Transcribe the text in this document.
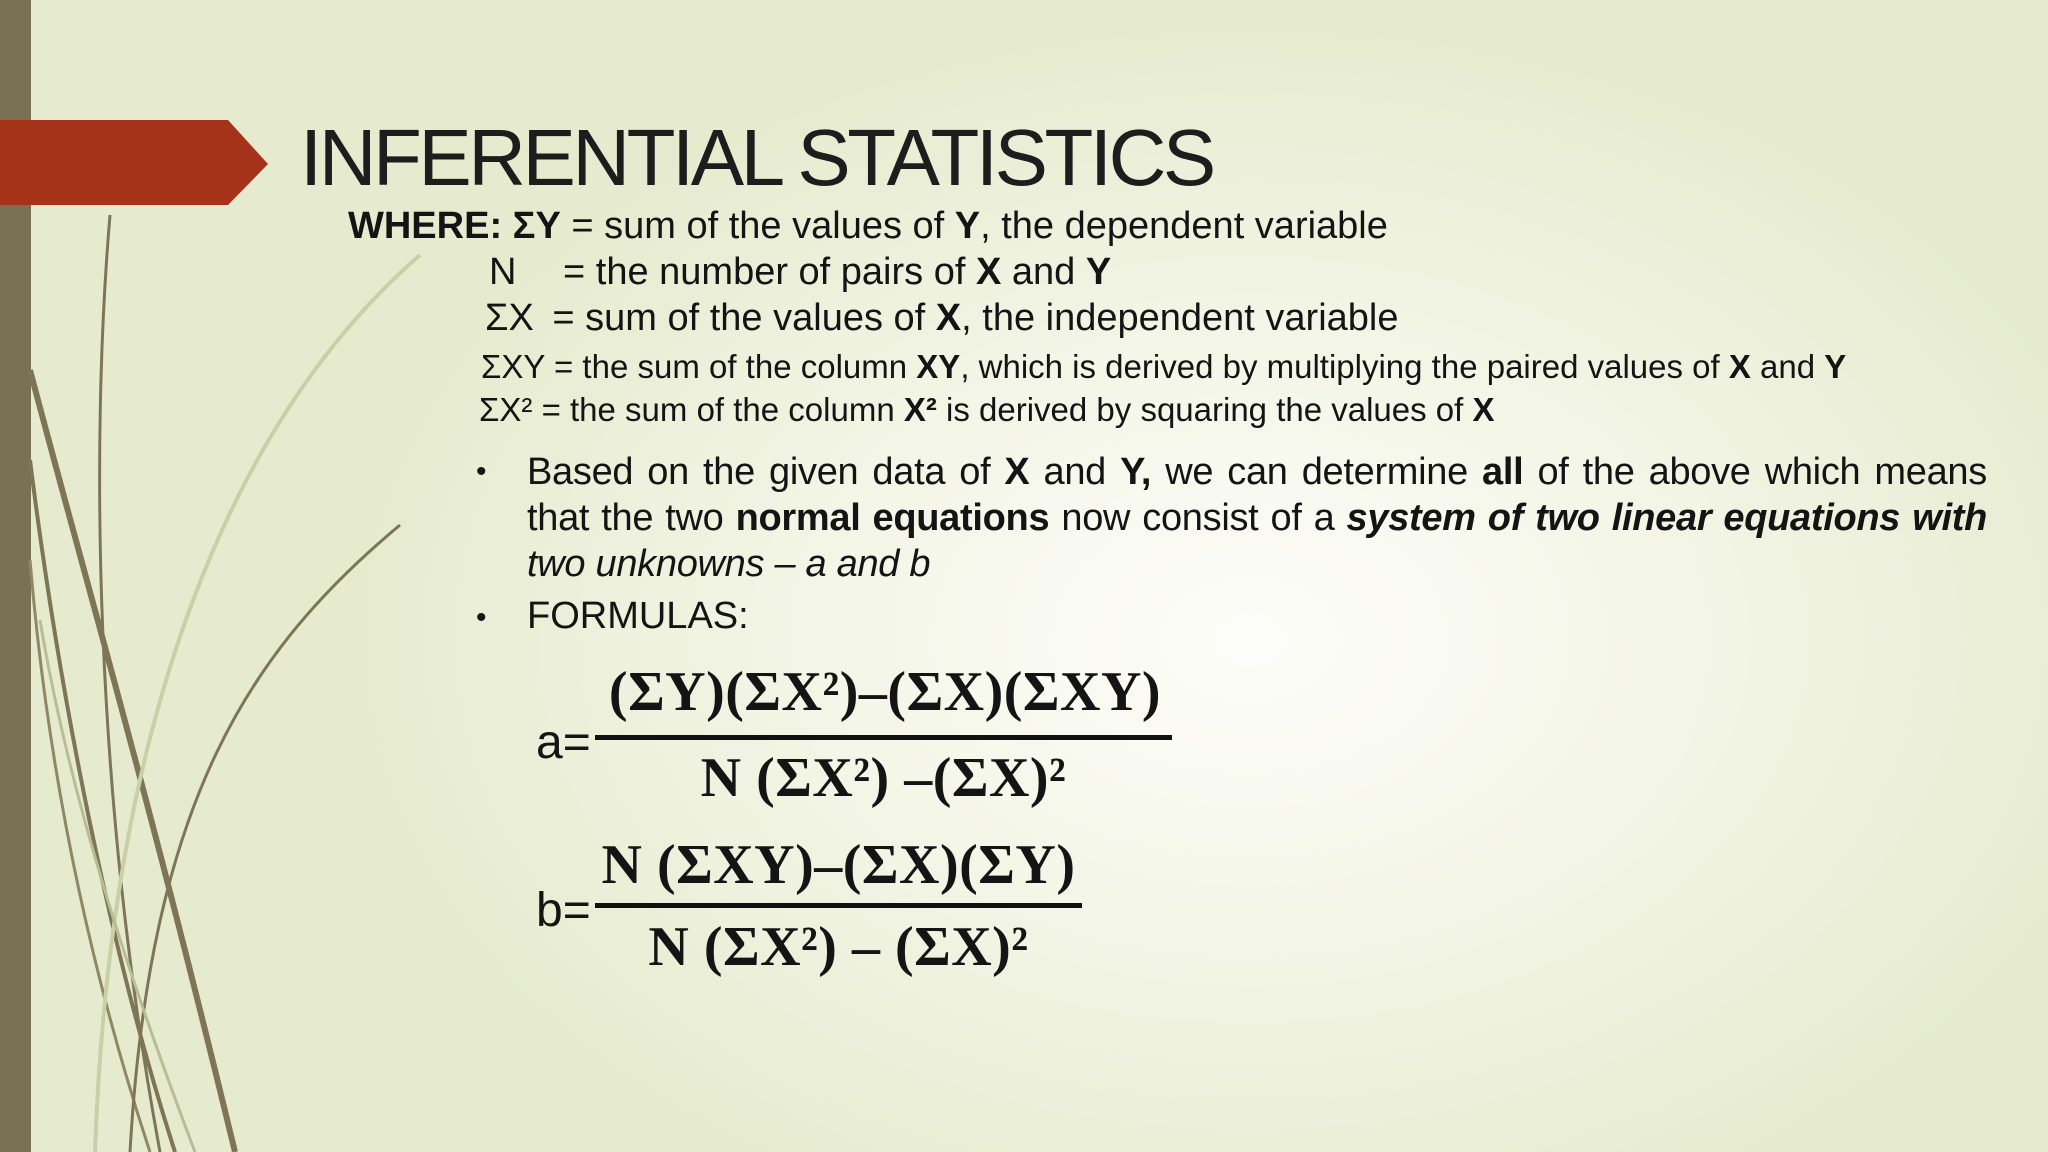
INFERENTIAL STATISTICS
WHERE: ΣY = sum of the values of Y, the dependent variable
N = the number of pairs of X and Y
ΣX = sum of the values of X, the independent variable
ΣXY = the sum of the column XY, which is derived by multiplying the paired values of X and Y
ΣX² = the sum of the column X² is derived by squaring the values of X
• Based on the given data of X and Y, we can determine all of the above which means that the two normal equations now consist of a system of two linear equations with two unknowns – a and b

• FORMULAS:
a=
(ΣY)(ΣX²)–(ΣX)(ΣXY)
N (ΣX²) –(ΣX)²
b=
N (ΣXY)–(ΣX)(ΣY)
N (ΣX²) – (ΣX)²
